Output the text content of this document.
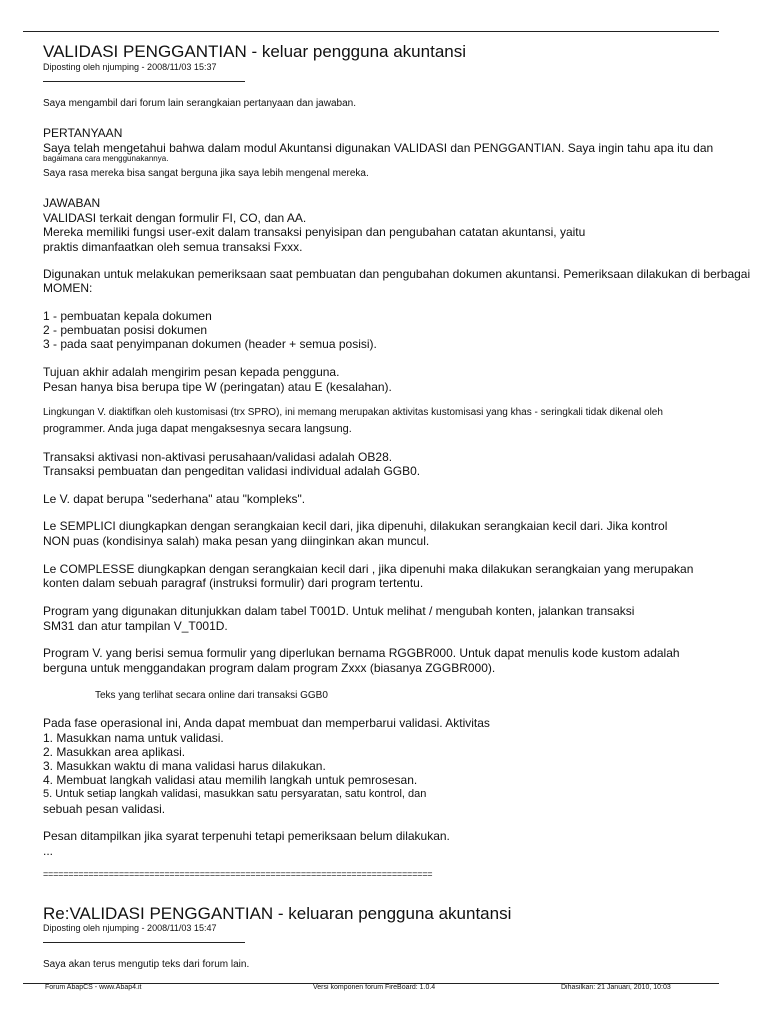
VALIDASI PENGGANTIAN - keluar pengguna akuntansi
Diposting oleh njumping - 2008/11/03 15:37
Saya mengambil dari forum lain serangkaian pertanyaan dan jawaban.
PERTANYAAN
Saya telah mengetahui bahwa dalam modul Akuntansi digunakan VALIDASI dan PENGGANTIAN. Saya ingin tahu apa itu dan
bagaimana cara menggunakannya.
Saya rasa mereka bisa sangat berguna jika saya lebih mengenal mereka.
JAWABAN
VALIDASI terkait dengan formulir FI, CO, dan AA.
Mereka memiliki fungsi user-exit dalam transaksi penyisipan dan pengubahan catatan akuntansi, yaitu
praktis dimanfaatkan oleh semua transaksi Fxxx.
Digunakan untuk melakukan pemeriksaan saat pembuatan dan pengubahan dokumen akuntansi. Pemeriksaan dilakukan di berbagai
MOMEN:
1 - pembuatan kepala dokumen
2 - pembuatan posisi dokumen
3 - pada saat penyimpanan dokumen (header + semua posisi).
Tujuan akhir adalah mengirim pesan kepada pengguna.
Pesan hanya bisa berupa tipe W (peringatan) atau E (kesalahan).
Lingkungan V. diaktifkan oleh kustomisasi (trx SPRO), ini memang merupakan aktivitas kustomisasi yang khas - seringkali tidak dikenal oleh
programmer. Anda juga dapat mengaksesnya secara langsung.
Transaksi aktivasi non-aktivasi perusahaan/validasi adalah OB28.
Transaksi pembuatan dan pengeditan validasi individual adalah GGB0.
Le V. dapat berupa "sederhana" atau "kompleks".
Le SEMPLICI diungkapkan dengan serangkaian kecil dari, jika dipenuhi, dilakukan serangkaian kecil dari. Jika kontrol
NON puas (kondisinya salah) maka pesan yang diinginkan akan muncul.
Le COMPLESSE diungkapkan dengan serangkaian kecil dari , jika dipenuhi maka dilakukan serangkaian yang merupakan
konten dalam sebuah paragraf (instruksi formulir) dari program tertentu.
Program yang digunakan ditunjukkan dalam tabel T001D. Untuk melihat / mengubah konten, jalankan transaksi
SM31 dan atur tampilan V_T001D.
Program V. yang berisi semua formulir yang diperlukan bernama RGGBR000. Untuk dapat menulis kode kustom adalah
berguna untuk menggandakan program dalam program Zxxx (biasanya ZGGBR000).
Teks yang terlihat secara online dari transaksi GGB0
Pada fase operasional ini, Anda dapat membuat dan memperbarui validasi. Aktivitas
1. Masukkan nama untuk validasi.
2. Masukkan area aplikasi.
3. Masukkan waktu di mana validasi harus dilakukan.
4. Membuat langkah validasi atau memilih langkah untuk pemrosesan.
5. Untuk setiap langkah validasi, masukkan satu persyaratan, satu kontrol, dan
sebuah pesan validasi.
Pesan ditampilkan jika syarat terpenuhi tetapi pemeriksaan belum dilakukan.
...
=============================================================================
Re:VALIDASI PENGGANTIAN - keluaran pengguna akuntansi
Diposting oleh njumping - 2008/11/03 15:47
Saya akan terus mengutip teks dari forum lain.
Forum AbapCS - www.Abap4.it	Versi komponen forum FireBoard: 1.0.4	Dihasilkan: 21 Januari, 2010, 10:03
